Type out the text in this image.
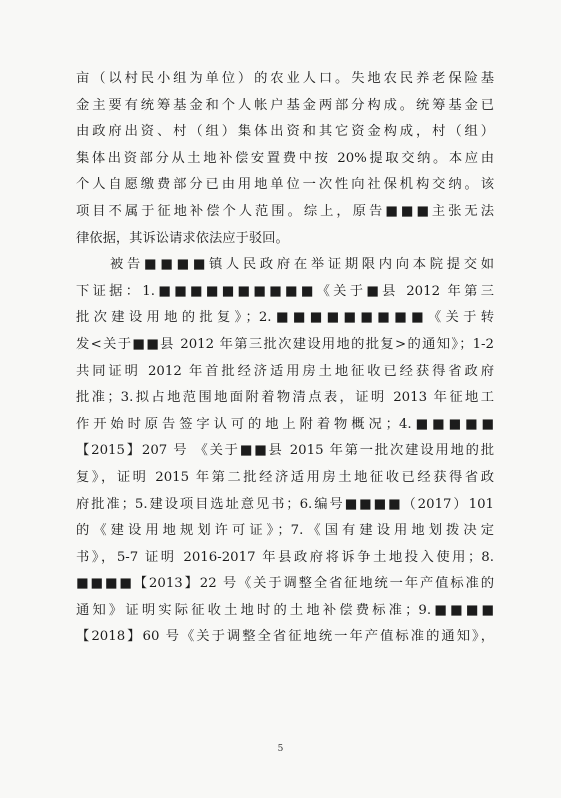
亩（以村民小组为单位）的农业人口。失地农民养老保险基
金主要有统筹基金和个人帐户基金两部分构成。统筹基金已
由政府出资、村（组）集体出资和其它资金构成，村（组）
集体出资部分从土地补偿安置费中按 20%提取交纳。本应由
个人自愿缴费部分已由用地单位一次性向社保机构交纳。该
项目不属于征地补偿个人范围。综上，原告■■■主张无法
律依据，其诉讼请求依法应于驳回。
　　被告■■■■镇人民政府在举证期限内向本院提交如
下证据：1.■■■■■■■■■■《关于■县 2012 年第三
批次建设用地的批复》；2.■■■■■■■■■《关于转
发<关于■■县 2012 年第三批次建设用地的批复>的通知》；1-2
共同证明 2012 年首批经济适用房土地征收已经获得省政府
批准；3.拟占地范围地面附着物清点表，证明 2013 年征地工
作开始时原告签字认可的地上附着物概况；4.■■■■■
【2015】207 号 《关于■■县 2015 年第一批次建设用地的批
复》，证明 2015 年第二批经济适用房土地征收已经获得省政
府批准；5.建设项目选址意见书；6.编号■■■■（2017）101
的《建设用地规划许可证》；7.《国有建设用地划拨决定
书》，5-7 证明 2016-2017 年县政府将诉争土地投入使用；8.
■■■■【2013】22 号《关于调整全省征地统一年产值标准的
通知》证明实际征收土地时的土地补偿费标准；9.■■■■
【2018】60 号《关于调整全省征地统一年产值标准的通知》，
5
